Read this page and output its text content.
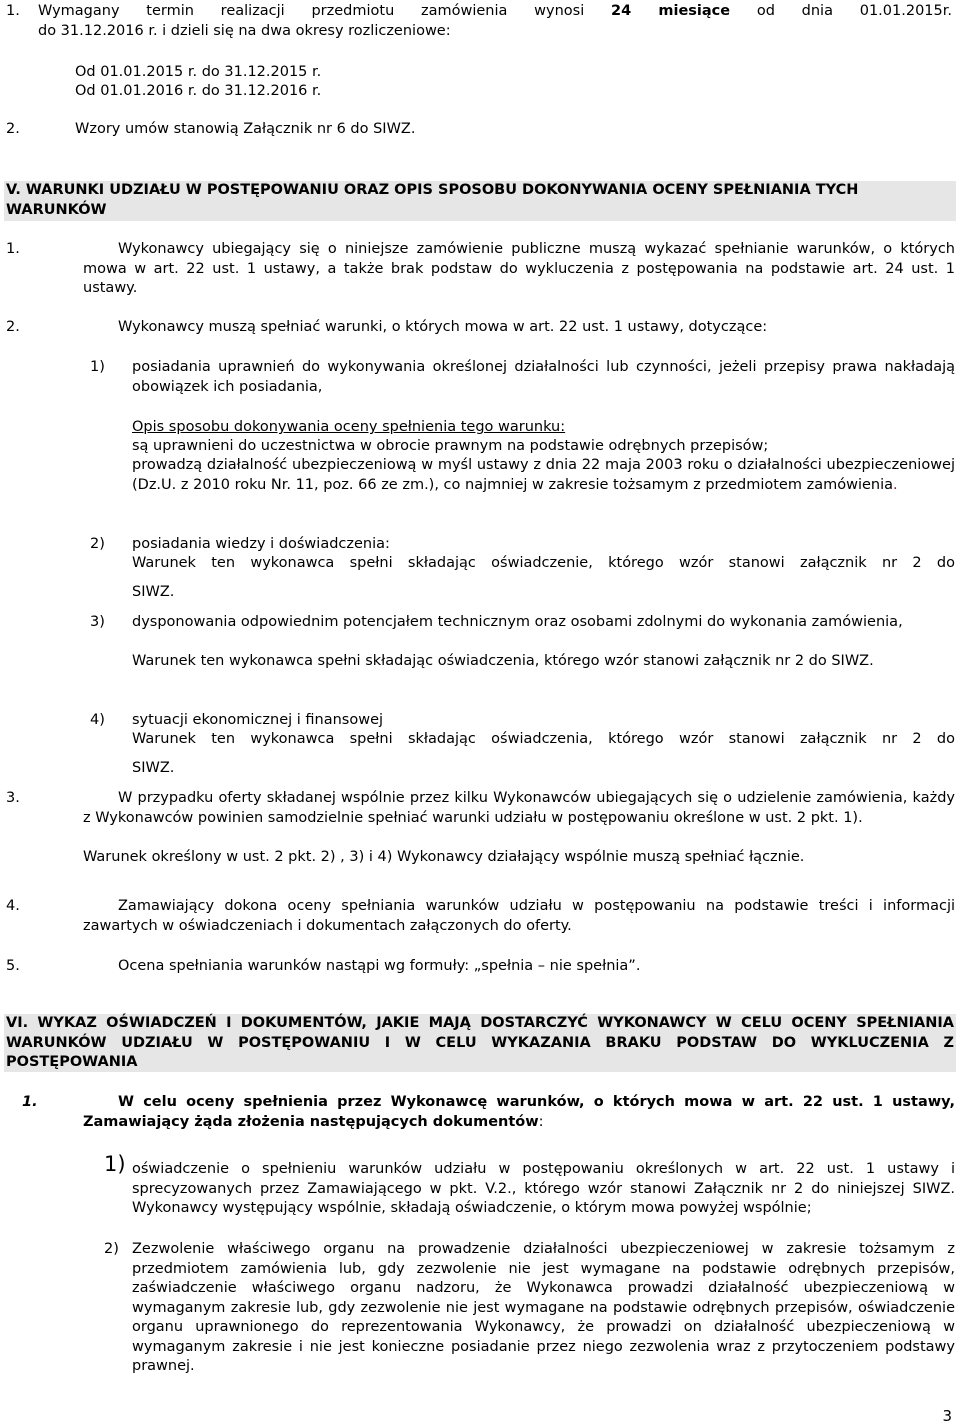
1. Wymagany termin realizacji przedmiotu zamówienia wynosi 24 miesiące od dnia 01.01.2015r.
do 31.12.2016 r. i dzieli się na dwa okresy rozliczeniowe:
Od 01.01.2015 r. do 31.12.2015 r.
Od 01.01.2016 r. do 31.12.2016 r.
2.	Wzory umów stanowią Załącznik nr 6 do SIWZ.
V. WARUNKI UDZIAŁU W POSTĘPOWANIU ORAZ OPIS SPOSOBU DOKONYWANIA OCENY SPEŁNIANIA TYCH WARUNKÓW
1.	Wykonawcy ubiegający się o niniejsze zamówienie publiczne muszą wykazać spełnianie warunków, o których mowa w art. 22 ust. 1 ustawy, a także brak podstaw do wykluczenia z postępowania na podstawie art. 24 ust. 1 ustawy.
2.	Wykonawcy muszą spełniać warunki, o których mowa w art. 22 ust. 1 ustawy, dotyczące:
1) posiadania uprawnień do wykonywania określonej działalności lub czynności, jeżeli przepisy prawa nakładają obowiązek ich posiadania,
Opis sposobu dokonywania oceny spełnienia tego warunku:
są uprawnieni do uczestnictwa w obrocie prawnym na podstawie odrębnych przepisów;
prowadzą działalność ubezpieczeniową w myśl ustawy z dnia 22 maja 2003 roku o działalności ubezpieczeniowej (Dz.U. z 2010 roku Nr. 11, poz. 66 ze zm.), co najmniej w zakresie tożsamym z przedmiotem zamówienia.
2) posiadania wiedzy i doświadczenia:
Warunek ten wykonawca spełni składając oświadczenie, którego wzór stanowi załącznik nr 2 do
SIWZ.
3) dysponowania odpowiednim potencjałem technicznym oraz osobami zdolnymi do wykonania zamówienia,
Warunek ten wykonawca spełni składając oświadczenia, którego wzór stanowi załącznik nr 2 do SIWZ.
4) sytuacji ekonomicznej i finansowej
Warunek ten wykonawca spełni składając oświadczenia, którego wzór stanowi załącznik nr 2 do
SIWZ.
3.	W przypadku oferty składanej wspólnie przez kilku Wykonawców ubiegających się o udzielenie zamówienia, każdy z Wykonawców powinien samodzielnie spełniać warunki udziału w postępowaniu określone w ust. 2 pkt. 1).
Warunek określony w ust. 2 pkt. 2) , 3) i 4) Wykonawcy działający wspólnie muszą spełniać łącznie.
4.	Zamawiający dokona oceny spełniania warunków udziału w postępowaniu na podstawie treści i informacji zawartych w oświadczeniach i dokumentach załączonych do oferty.
5.	Ocena spełniania warunków nastąpi wg formuły: „spełnia – nie spełnia”.
VI. WYKAZ OŚWIADCZEŃ I DOKUMENTÓW, JAKIE MAJĄ DOSTARCZYĆ WYKONAWCY W CELU OCENY SPEŁNIANIA WARUNKÓW UDZIAŁU W POSTĘPOWANIU I W CELU WYKAZANIA BRAKU PODSTAW DO WYKLUCZENIA Z POSTĘPOWANIA
1.	W celu oceny spełnienia przez Wykonawcę warunków, o których mowa w art. 22 ust. 1 ustawy, Zamawiający żąda złożenia następujących dokumentów:
1) oświadczenie o spełnieniu warunków udziału w postępowaniu określonych w art. 22 ust. 1 ustawy i sprecyzowanych przez Zamawiającego w pkt. V.2., którego wzór stanowi Załącznik nr 2 do niniejszej SIWZ. Wykonawcy występujący wspólnie, składają oświadczenie, o którym mowa powyżej wspólnie;
2) Zezwolenie właściwego organu na prowadzenie działalności ubezpieczeniowej w zakresie tożsamym z przedmiotem zamówienia lub, gdy zezwolenie nie jest wymagane na podstawie odrębnych przepisów, zaświadczenie właściwego organu nadzoru, że Wykonawca prowadzi działalność ubezpieczeniową w wymaganym zakresie lub, gdy zezwolenie nie jest wymagane na podstawie odrębnych przepisów, oświadczenie organu uprawnionego do reprezentowania Wykonawcy, że prowadzi on działalność ubezpieczeniową w wymaganym zakresie i nie jest konieczne posiadanie przez niego zezwolenia wraz z przytoczeniem podstawy prawnej.
3
